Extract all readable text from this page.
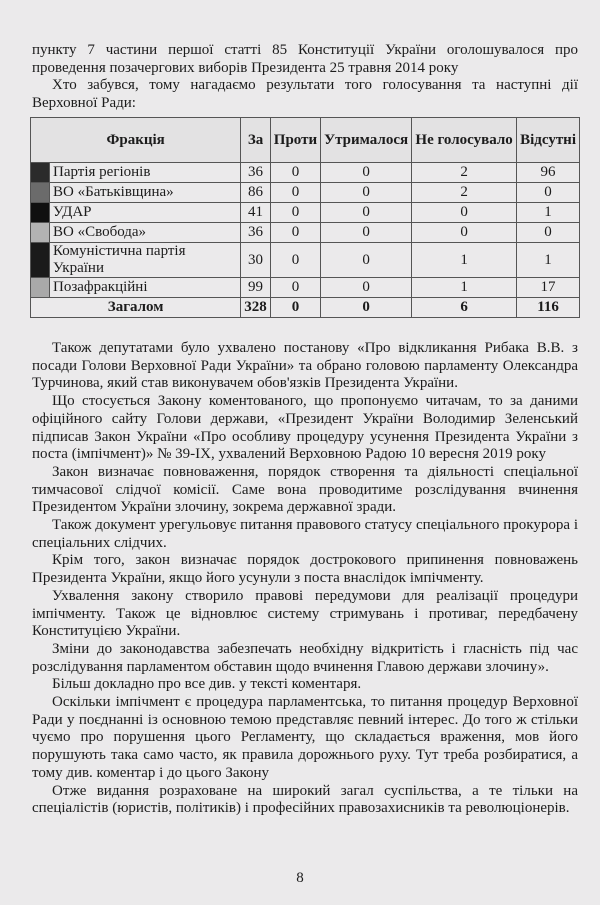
пункту 7 частини першої статті 85 Конституції України оголошувалося про проведення позачергових виборів Президента 25 травня 2014 року

Хто забувся, тому нагадаємо результати того голосування та наступні дії Верховної Ради:

Фракція		За	Проти	Утрималося	Не голосувало	Відсутні
	Партія регіонів	36	0	0	2	96
	ВО «Батьківщина»	86	0	0	2	0
	УДАР	41	0	0	0	1
	ВО «Свобода»	36	0	0	0	0
	Комуністична партія України	30	0	0	1	1
	Позафракційні	99	0	0	1	17
Загалом		328	0	0	6	116

Також депутатами було ухвалено постанову «Про відкликання Рибака В.В. з посади Голови Верховної Ради України» та обрано головою парламенту Олександра Турчинова, який став виконувачем обов'язків Президента України.

Що стосується Закону коментованого, що пропонуємо читачам, то за даними офіційного сайту Голови держави, «Президент України Володимир Зеленський підписав Закон України «Про особливу процедуру усунення Президента України з поста (імпічмент)» № 39-IX, ухвалений Верховною Радою 10 вересня 2019 року

Закон визначає повноваження, порядок створення та діяльності спеціальної тимчасової слідчої комісії. Саме вона проводитиме розслідування вчинення Президентом України злочину, зокрема державної зради.

Також документ урегульовує питання правового статусу спеціального прокурора і спеціальних слідчих.

Крім того, закон визначає порядок дострокового припинення повноважень Президента України, якщо його усунули з поста внаслідок імпічменту.

Ухвалення закону створило правові передумови для реалізації процедури імпічменту. Також це відновлює систему стримувань і противаг, передбачену Конституцією України.

Зміни до законодавства забезпечать необхідну відкритість і гласність під час розслідування парламентом обставин щодо вчинення Главою держави злочину».

Більш докладно про все див. у тексті коментаря.

Оскільки імпічмент є процедура парламентська, то питання процедур Верховної Ради у поєднанні із основною темою представляє певний інтерес. До того ж стільки чуємо про порушення цього Регламенту, що складається враження, мов його порушують така само часто, як правила дорожнього руху. Тут треба розбиратися, а тому див. коментар і до цього Закону

Отже видання розраховане на широкий загал суспільства, а те тільки на спеціалістів (юристів, політиків) і професійних правозахисників та революціонерів.

8
